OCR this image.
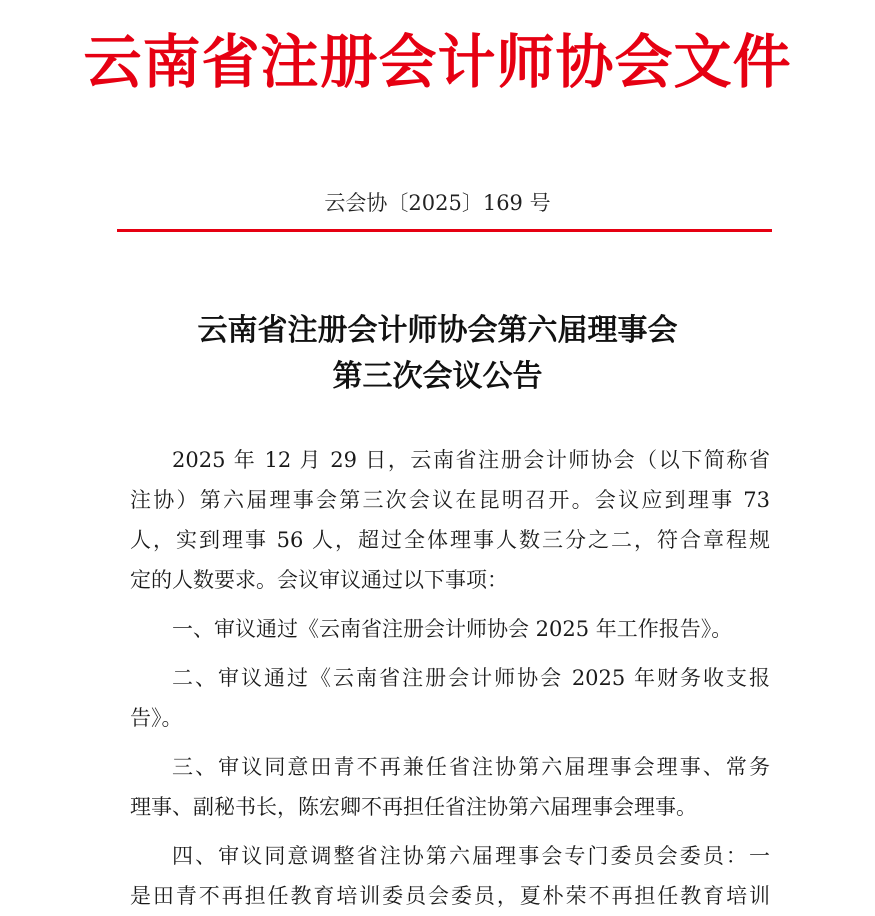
云南省注册会计师协会文件
云会协〔2025〕169 号
云南省注册会计师协会第六届理事会
第三次会议公告
2025 年 12 月 29 日，云南省注册会计师协会（以下简称省
注协）第六届理事会第三次会议在昆明召开。会议应到理事 73
人，实到理事 56 人，超过全体理事人数三分之二，符合章程规
定的人数要求。会议审议通过以下事项：
一、审议通过《云南省注册会计师协会 2025 年工作报告》。
二、审议通过《云南省注册会计师协会 2025 年财务收支报
告》。
三、审议同意田青不再兼任省注协第六届理事会理事、常务
理事、副秘书长，陈宏卿不再担任省注协第六届理事会理事。
四、审议同意调整省注协第六届理事会专门委员会委员：一
是田青不再担任教育培训委员会委员，夏朴荣不再担任教育培训
